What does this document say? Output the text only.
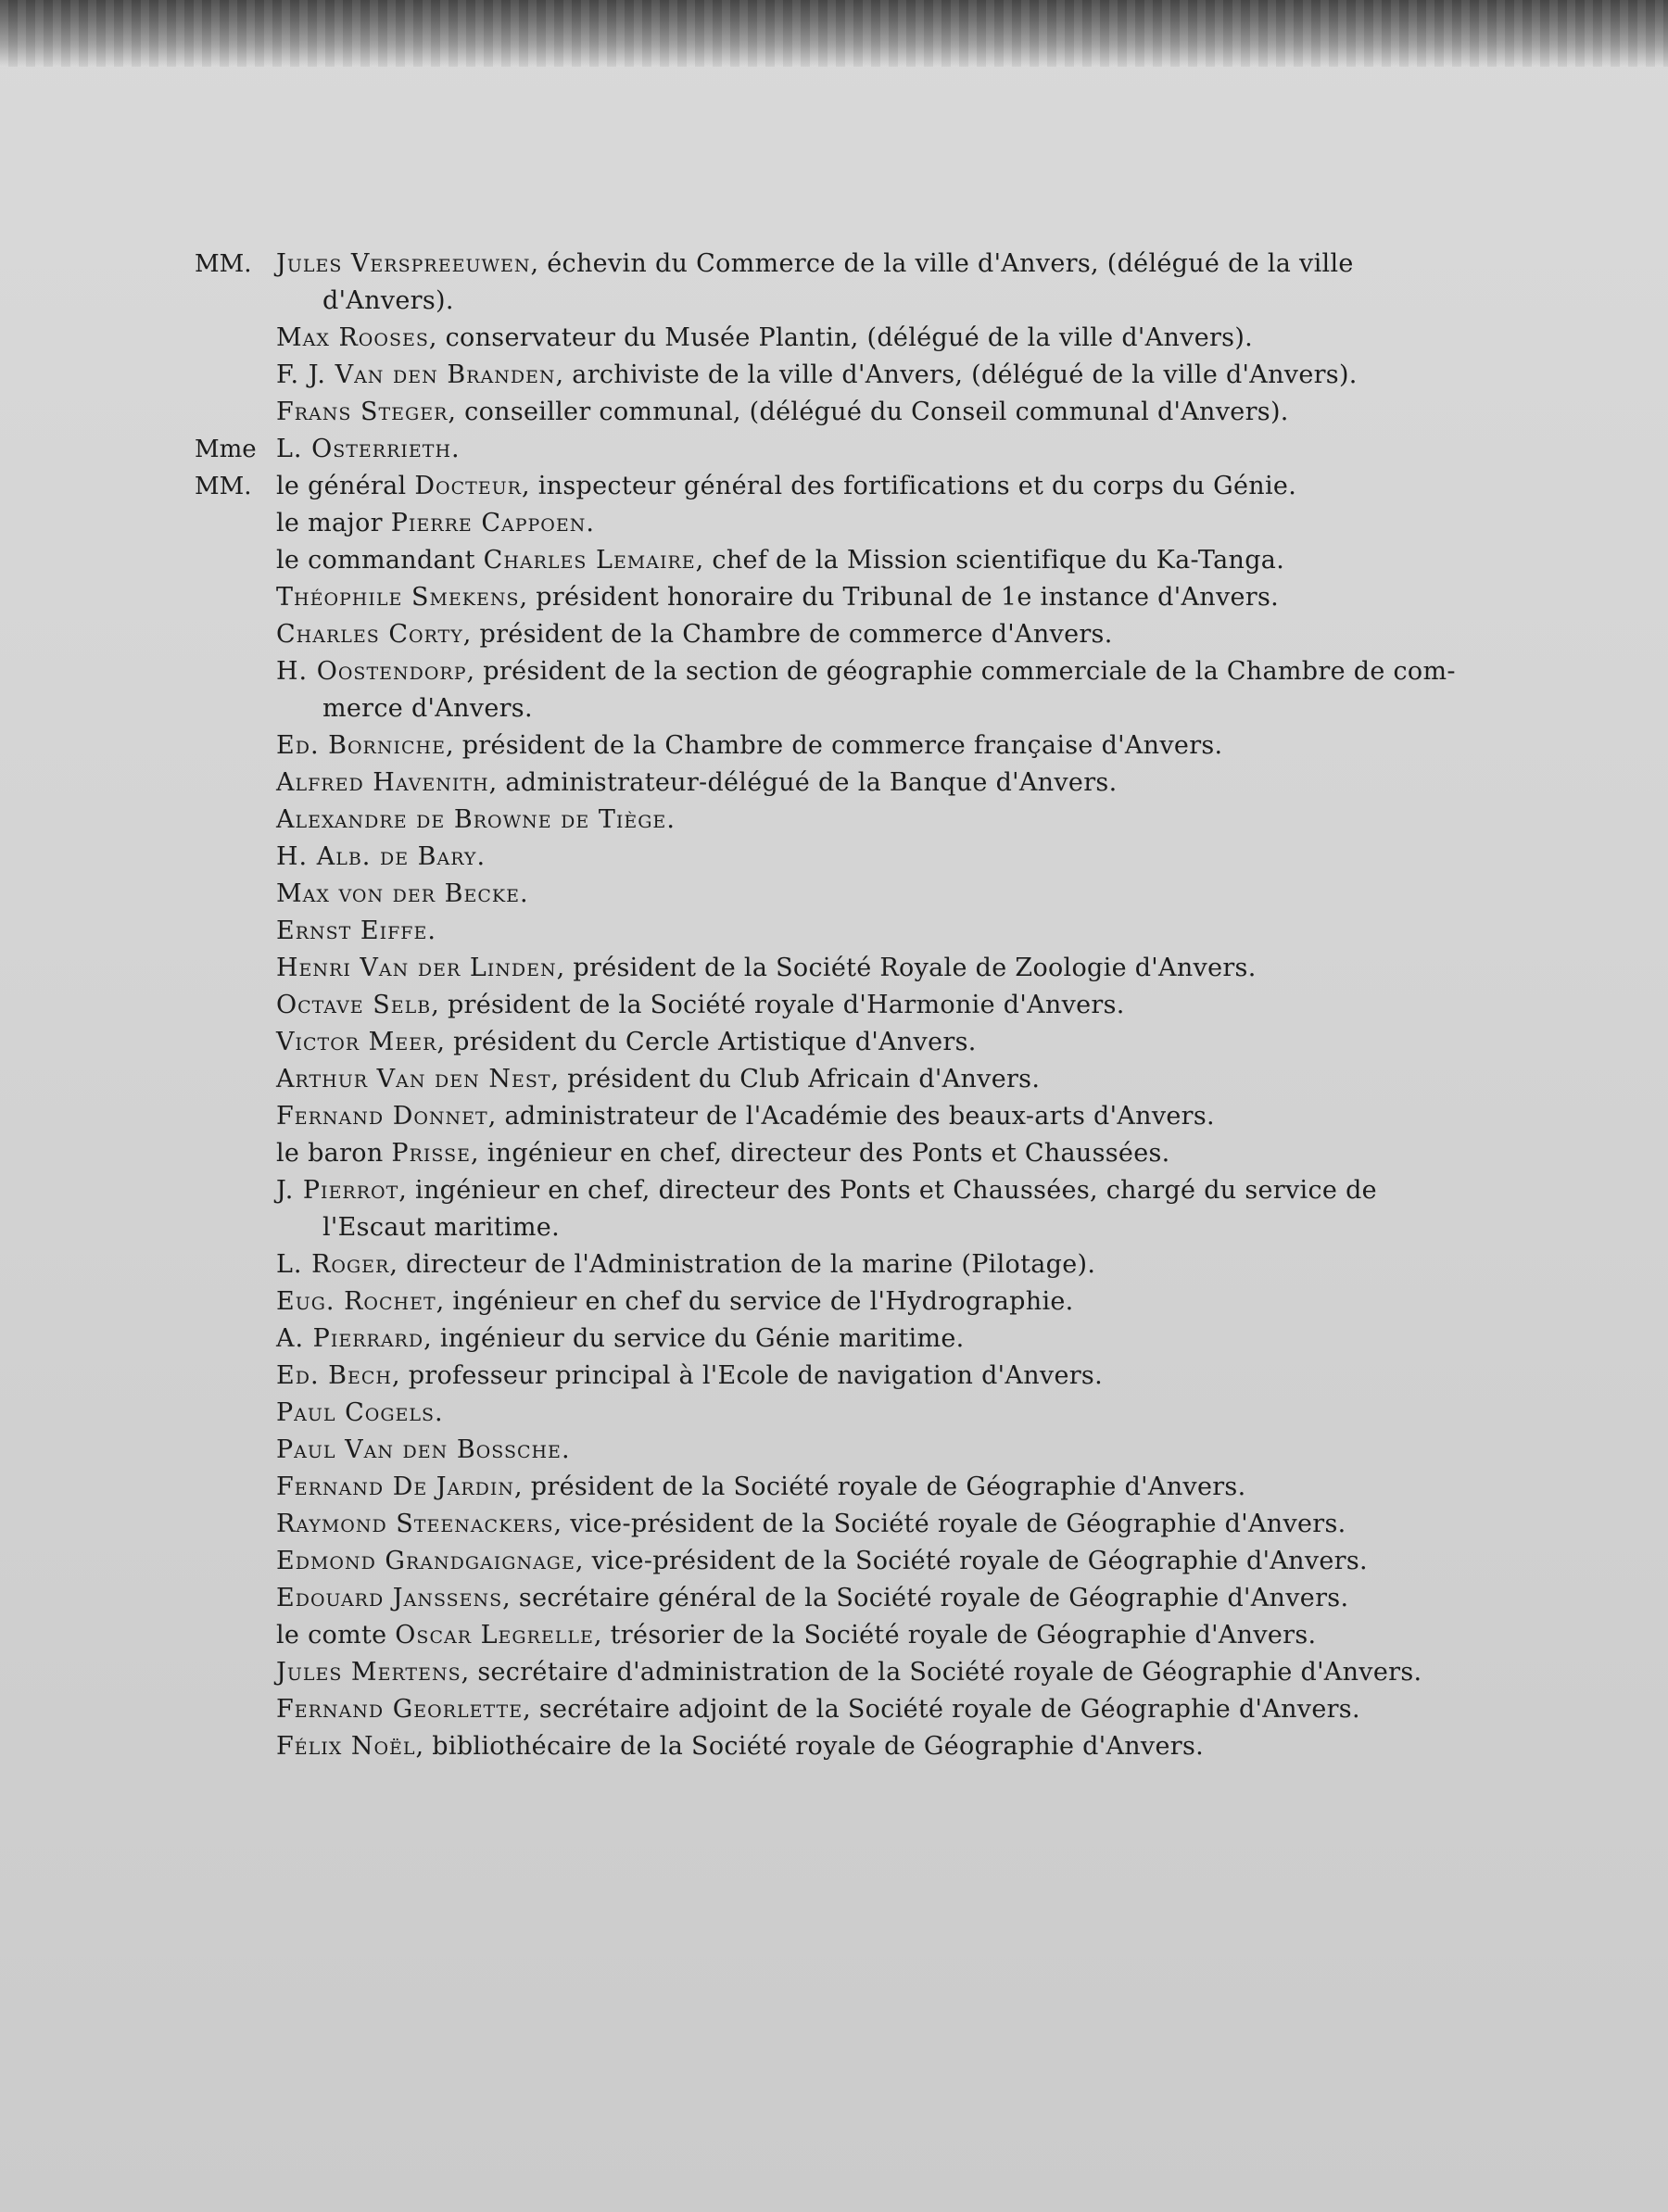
MM. Jules Verspreeuwen, échevin du Commerce de la ville d'Anvers, (délégué de la ville
d'Anvers).
Max Rooses, conservateur du Musée Plantin, (délégué de la ville d'Anvers).
F. J. Van den Branden, archiviste de la ville d'Anvers, (délégué de la ville d'Anvers).
Frans Steger, conseiller communal, (délégué du Conseil communal d'Anvers).
Mme L. Osterrieth.
MM. le général Docteur, inspecteur général des fortifications et du corps du Génie.
le major Pierre Cappoen.
le commandant Charles Lemaire, chef de la Mission scientifique du Ka-Tanga.
Théophile Smekens, président honoraire du Tribunal de 1e instance d'Anvers.
Charles Corty, président de la Chambre de commerce d'Anvers.
H. Oostendorp, président de la section de géographie commerciale de la Chambre de com-
merce d'Anvers.
Ed. Borniche, président de la Chambre de commerce française d'Anvers.
Alfred Havenith, administrateur-délégué de la Banque d'Anvers.
Alexandre de Browne de Tiège.
H. Alb. de Bary.
Max von der Becke.
Ernst Eiffe.
Henri Van der Linden, président de la Société Royale de Zoologie d'Anvers.
Octave Selb, président de la Société royale d'Harmonie d'Anvers.
Victor Meer, président du Cercle Artistique d'Anvers.
Arthur Van den Nest, président du Club Africain d'Anvers.
Fernand Donnet, administrateur de l'Académie des beaux-arts d'Anvers.
le baron Prisse, ingénieur en chef, directeur des Ponts et Chaussées.
J. Pierrot, ingénieur en chef, directeur des Ponts et Chaussées, chargé du service de
l'Escaut maritime.
L. Roger, directeur de l'Administration de la marine (Pilotage).
Eug. Rochet, ingénieur en chef du service de l'Hydrographie.
A. Pierrard, ingénieur du service du Génie maritime.
Ed. Bech, professeur principal à l'Ecole de navigation d'Anvers.
Paul Cogels.
Paul Van den Bossche.
Fernand De Jardin, président de la Société royale de Géographie d'Anvers.
Raymond Steenackers, vice-président de la Société royale de Géographie d'Anvers.
Edmond Grandgaignage, vice-président de la Société royale de Géographie d'Anvers.
Edouard Janssens, secrétaire général de la Société royale de Géographie d'Anvers.
le comte Oscar Legrelle, trésorier de la Société royale de Géographie d'Anvers.
Jules Mertens, secrétaire d'administration de la Société royale de Géographie d'Anvers.
Fernand Georlette, secrétaire adjoint de la Société royale de Géographie d'Anvers.
Félix Noël, bibliothécaire de la Société royale de Géographie d'Anvers.
